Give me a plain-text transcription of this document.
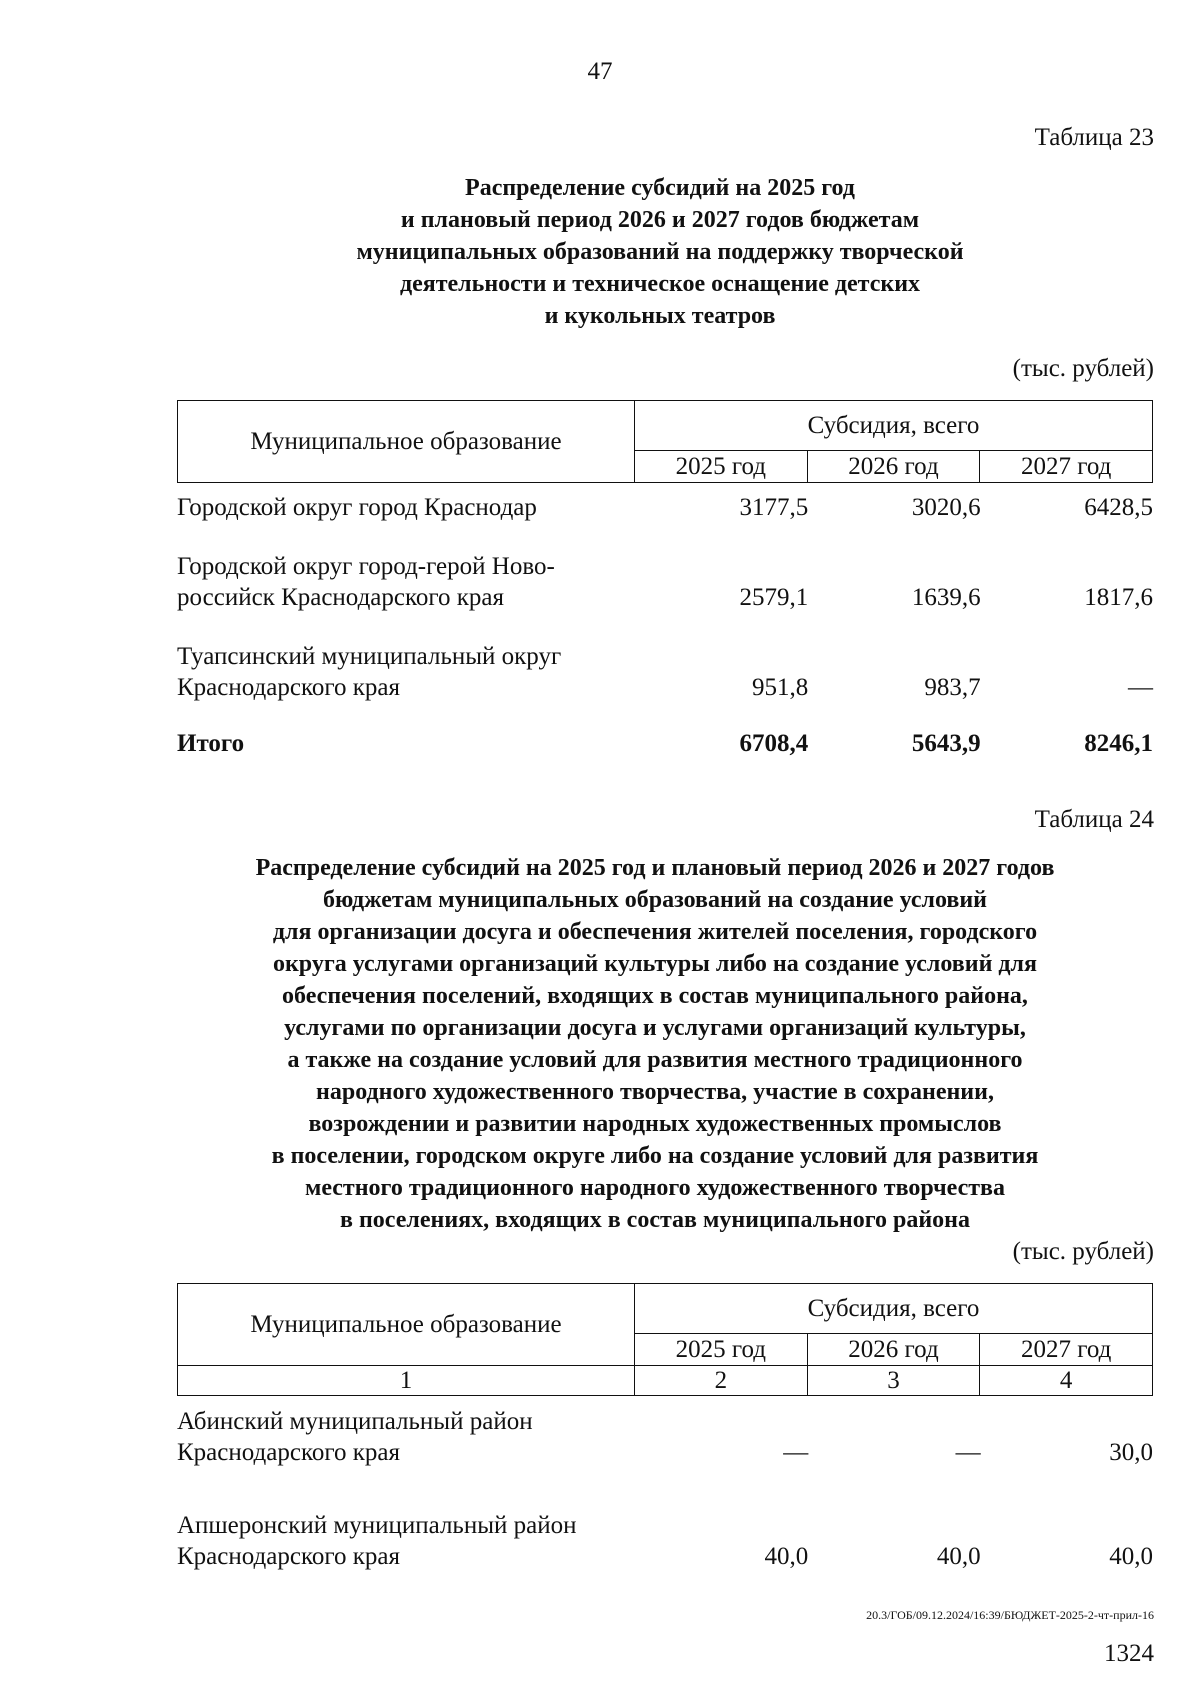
47
Таблица 23
Распределение субсидий на 2025 год
и плановый период 2026 и 2027 годов бюджетам
муниципальных образований на поддержку творческой
деятельности и техническое оснащение детских
и кукольных театров
(тыс. рублей)
Муниципальное образование	Субсидия, всего		
	2025 год	2026 год	2027 год
Городской округ город Краснодар	3177,5	3020,6	6428,5

Городской округ город-герой Ново-
российск Краснодарского края	2579,1	1639,6	1817,6

Туапсинский муниципальный округ
Краснодарского края	951,8	983,7	—

Итого	6708,4	5643,9	8246,1
Таблица 24
Распределение субсидий на 2025 год и плановый период 2026 и 2027 годов
бюджетам муниципальных образований на создание условий
для организации досуга и обеспечения жителей поселения, городского
округа услугами организаций культуры либо на создание условий для
обеспечения поселений, входящих в состав муниципального района,
услугами по организации досуга и услугами организаций культуры,
а также на создание условий для развития местного традиционного
народного художественного творчества, участие в сохранении,
возрождении и развитии народных художественных промыслов
в поселении, городском округе либо на создание условий для развития
местного традиционного народного художественного творчества
в поселениях, входящих в состав муниципального района
(тыс. рублей)
Муниципальное образование	Субсидия, всего		
	2025 год	2026 год	2027 год
1	2	3	4
Абинский муниципальный район
Краснодарского края	—	—	30,0

Апшеронский муниципальный район
Краснодарского края	40,0	40,0	40,0
20.3/ГОБ/09.12.2024/16:39/БЮДЖЕТ-2025-2-чт-прил-16
1324
